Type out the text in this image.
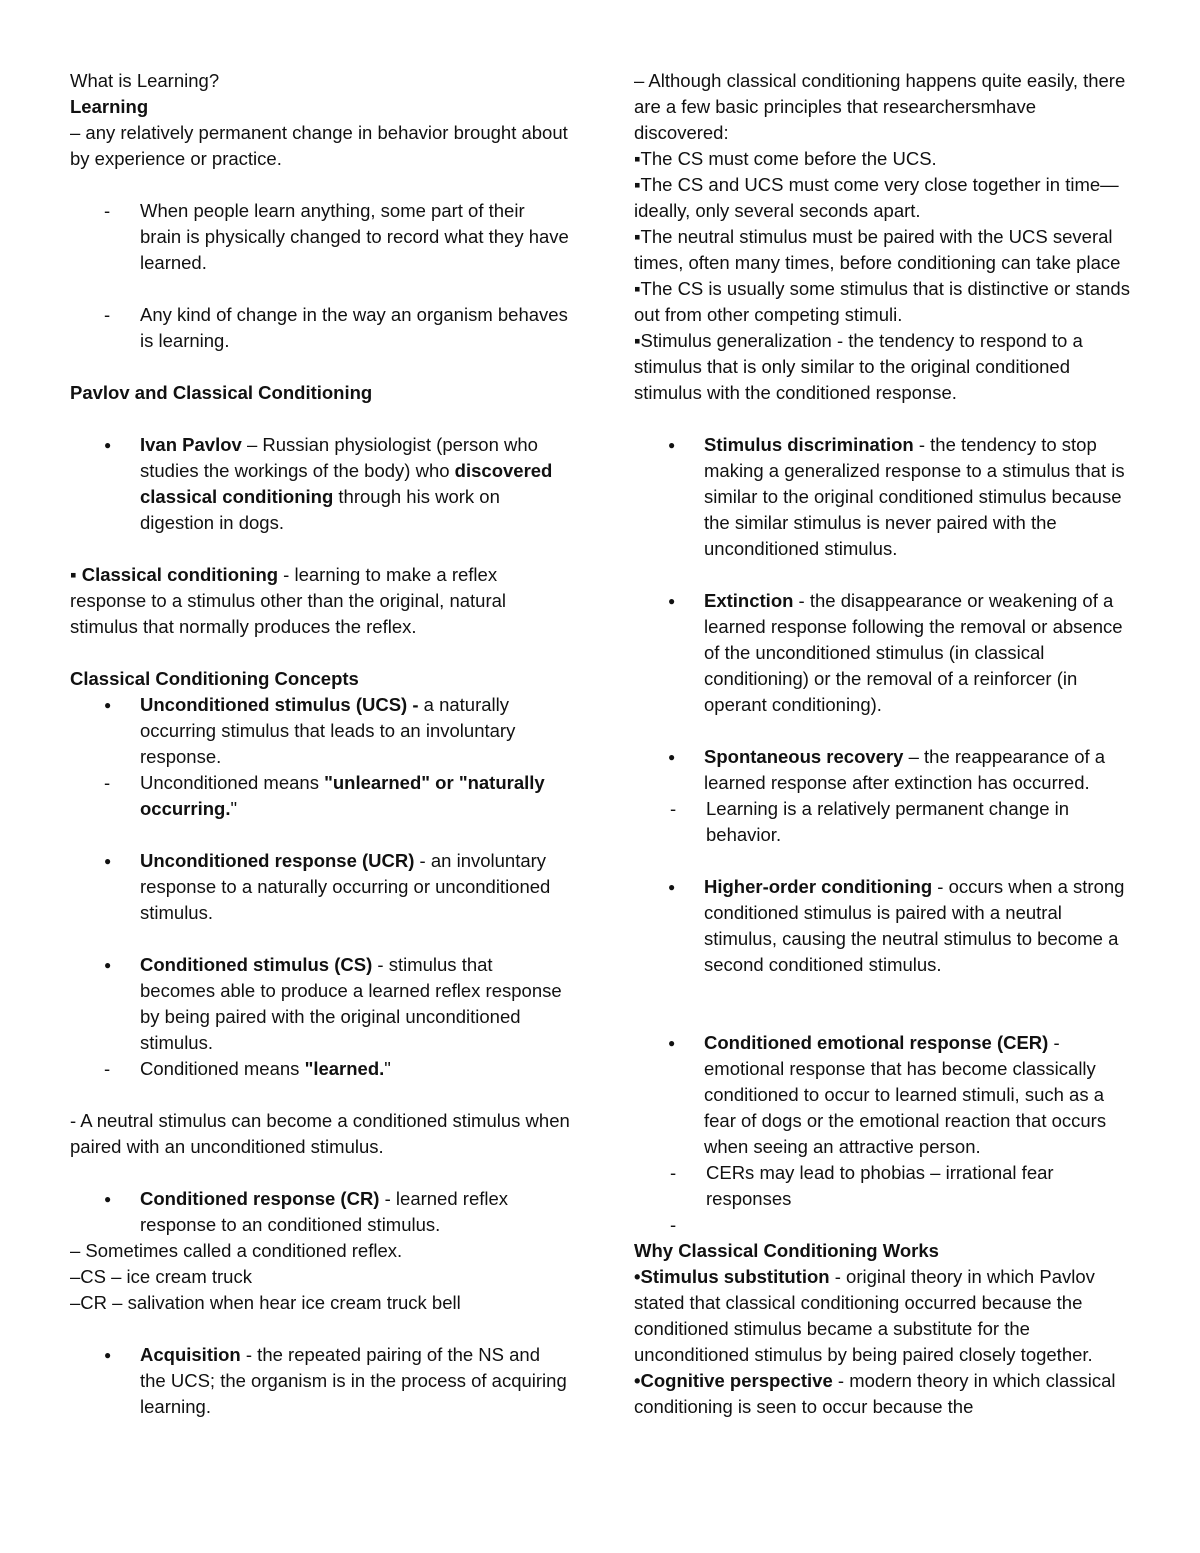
What is Learning?
Learning
– any relatively permanent change in behavior brought about by experience or practice.
-
When people learn anything, some part of their brain is physically changed to record what they have learned.
-
Any kind of change in the way an organism behaves is learning.
Pavlov and Classical Conditioning
●
Ivan Pavlov – Russian physiologist (person who studies the workings of the body) who discovered classical conditioning through his work on digestion in dogs.
▪ Classical conditioning - learning to make a reflex response to a stimulus other than the original, natural stimulus that normally produces the reflex.
Classical Conditioning Concepts
●
Unconditioned stimulus (UCS) - a naturally occurring stimulus that leads to an involuntary response.
-
Unconditioned means "unlearned" or "naturally occurring."
●
Unconditioned response (UCR) - an involuntary response to a naturally occurring or unconditioned stimulus.
●
Conditioned stimulus (CS) - stimulus that becomes able to produce a learned reflex response by being paired with the original unconditioned stimulus.
-
Conditioned means "learned."
- A neutral stimulus can become a conditioned stimulus when paired with an unconditioned stimulus.
●
Conditioned response (CR) - learned reflex response to an conditioned stimulus.
– Sometimes called a conditioned reflex.
–CS – ice cream truck
–CR – salivation when hear ice cream truck bell
●
Acquisition - the repeated pairing of the NS and the UCS; the organism is in the process of acquiring learning.
– Although classical conditioning happens quite easily, there are a few basic principles that researchersmhave discovered:
▪The CS must come before the UCS.
▪The CS and UCS must come very close together in time—ideally, only several seconds apart.
▪The neutral stimulus must be paired with the UCS several times, often many times, before conditioning can take place
▪The CS is usually some stimulus that is distinctive or stands out from other competing stimuli.
▪Stimulus generalization - the tendency to respond to a stimulus that is only similar to the original conditioned stimulus with the conditioned response.
●
Stimulus discrimination - the tendency to stop making a generalized response to a stimulus that is similar to the original conditioned stimulus because the similar stimulus is never paired with the unconditioned stimulus.
●
Extinction - the disappearance or weakening of a learned response following the removal or absence of the unconditioned stimulus (in classical conditioning) or the removal of a reinforcer (in operant conditioning).
●
Spontaneous recovery – the reappearance of a learned response after extinction has occurred.
-
Learning is a relatively permanent change in behavior.
●
Higher-order conditioning - occurs when a strong conditioned stimulus is paired with a neutral stimulus, causing the neutral stimulus to become a second conditioned stimulus.
●
Conditioned emotional response (CER) - emotional response that has become classically conditioned to occur to learned stimuli, such as a fear of dogs or the emotional reaction that occurs when seeing an attractive person.
-
CERs may lead to phobias – irrational fear responses
-

Why Classical Conditioning Works
•Stimulus substitution - original theory in which Pavlov stated that classical conditioning occurred because the conditioned stimulus became a substitute for the unconditioned stimulus by being paired closely together.
•Cognitive perspective - modern theory in which classical conditioning is seen to occur because the
